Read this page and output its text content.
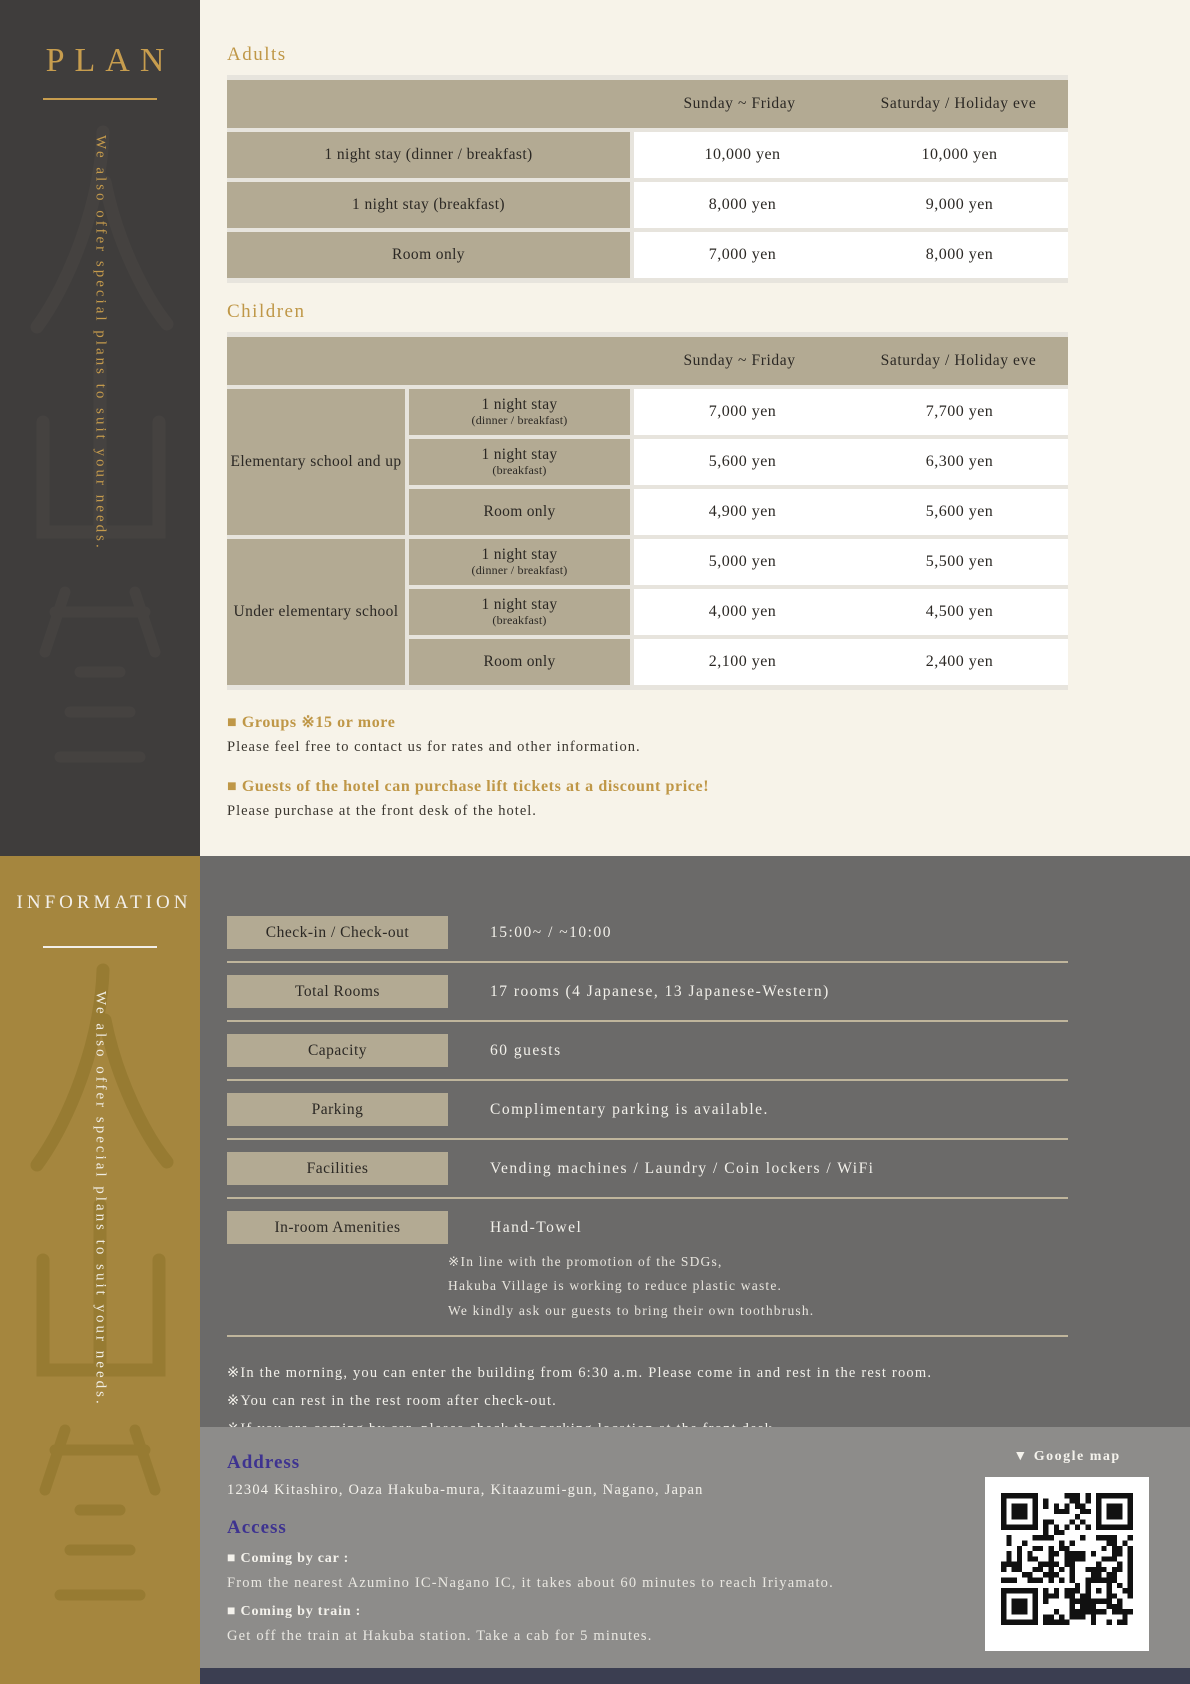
PLAN
We also offer special plans to suit your needs.
Adults
Sunday ~ Friday	Saturday / Holiday eve
1 night stay (dinner / breakfast)	10,000 yen	10,000 yen
1 night stay (breakfast)	8,000 yen	9,000 yen
Room only	7,000 yen	8,000 yen
Children
Sunday ~ Friday	Saturday / Holiday eve
Elementary school and up
1 night stay
(dinner / breakfast)	7,000 yen	7,700 yen
1 night stay
(breakfast)	5,600 yen	6,300 yen
Room only	4,900 yen	5,600 yen
Under elementary school
1 night stay
(dinner / breakfast)	5,000 yen	5,500 yen
1 night stay
(breakfast)	4,000 yen	4,500 yen
Room only	2,100 yen	2,400 yen
■ Groups ※15 or more
Please feel free to contact us for rates and other information.
■ Guests of the hotel can purchase lift tickets at a discount price!
Please purchase at the front desk of the hotel.
INFORMATION
We also offer special plans to suit your needs.
Check-in / Check-out	15:00~ / ~10:00
Total Rooms	17 rooms (4 Japanese, 13 Japanese-Western)
Capacity	60 guests
Parking	Complimentary parking is available.
Facilities	Vending machines / Laundry / Coin lockers / WiFi
In-room Amenities	Hand-Towel
※In line with the promotion of the SDGs,
Hakuba Village is working to reduce plastic waste.
We kindly ask our guests to bring their own toothbrush.
※In the morning, you can enter the building from 6:30 a.m. Please come in and rest in the rest room.
※You can rest in the rest room after check-out.
Address
12304 Kitashiro, Oaza Hakuba-mura, Kitaazumi-gun, Nagano, Japan
Access
■ Coming by car :
From the nearest Azumino IC-Nagano IC, it takes about 60 minutes to reach Iriyamato.
■ Coming by train :
Get off the train at Hakuba station. Take a cab for 5 minutes.
▼ Google map
